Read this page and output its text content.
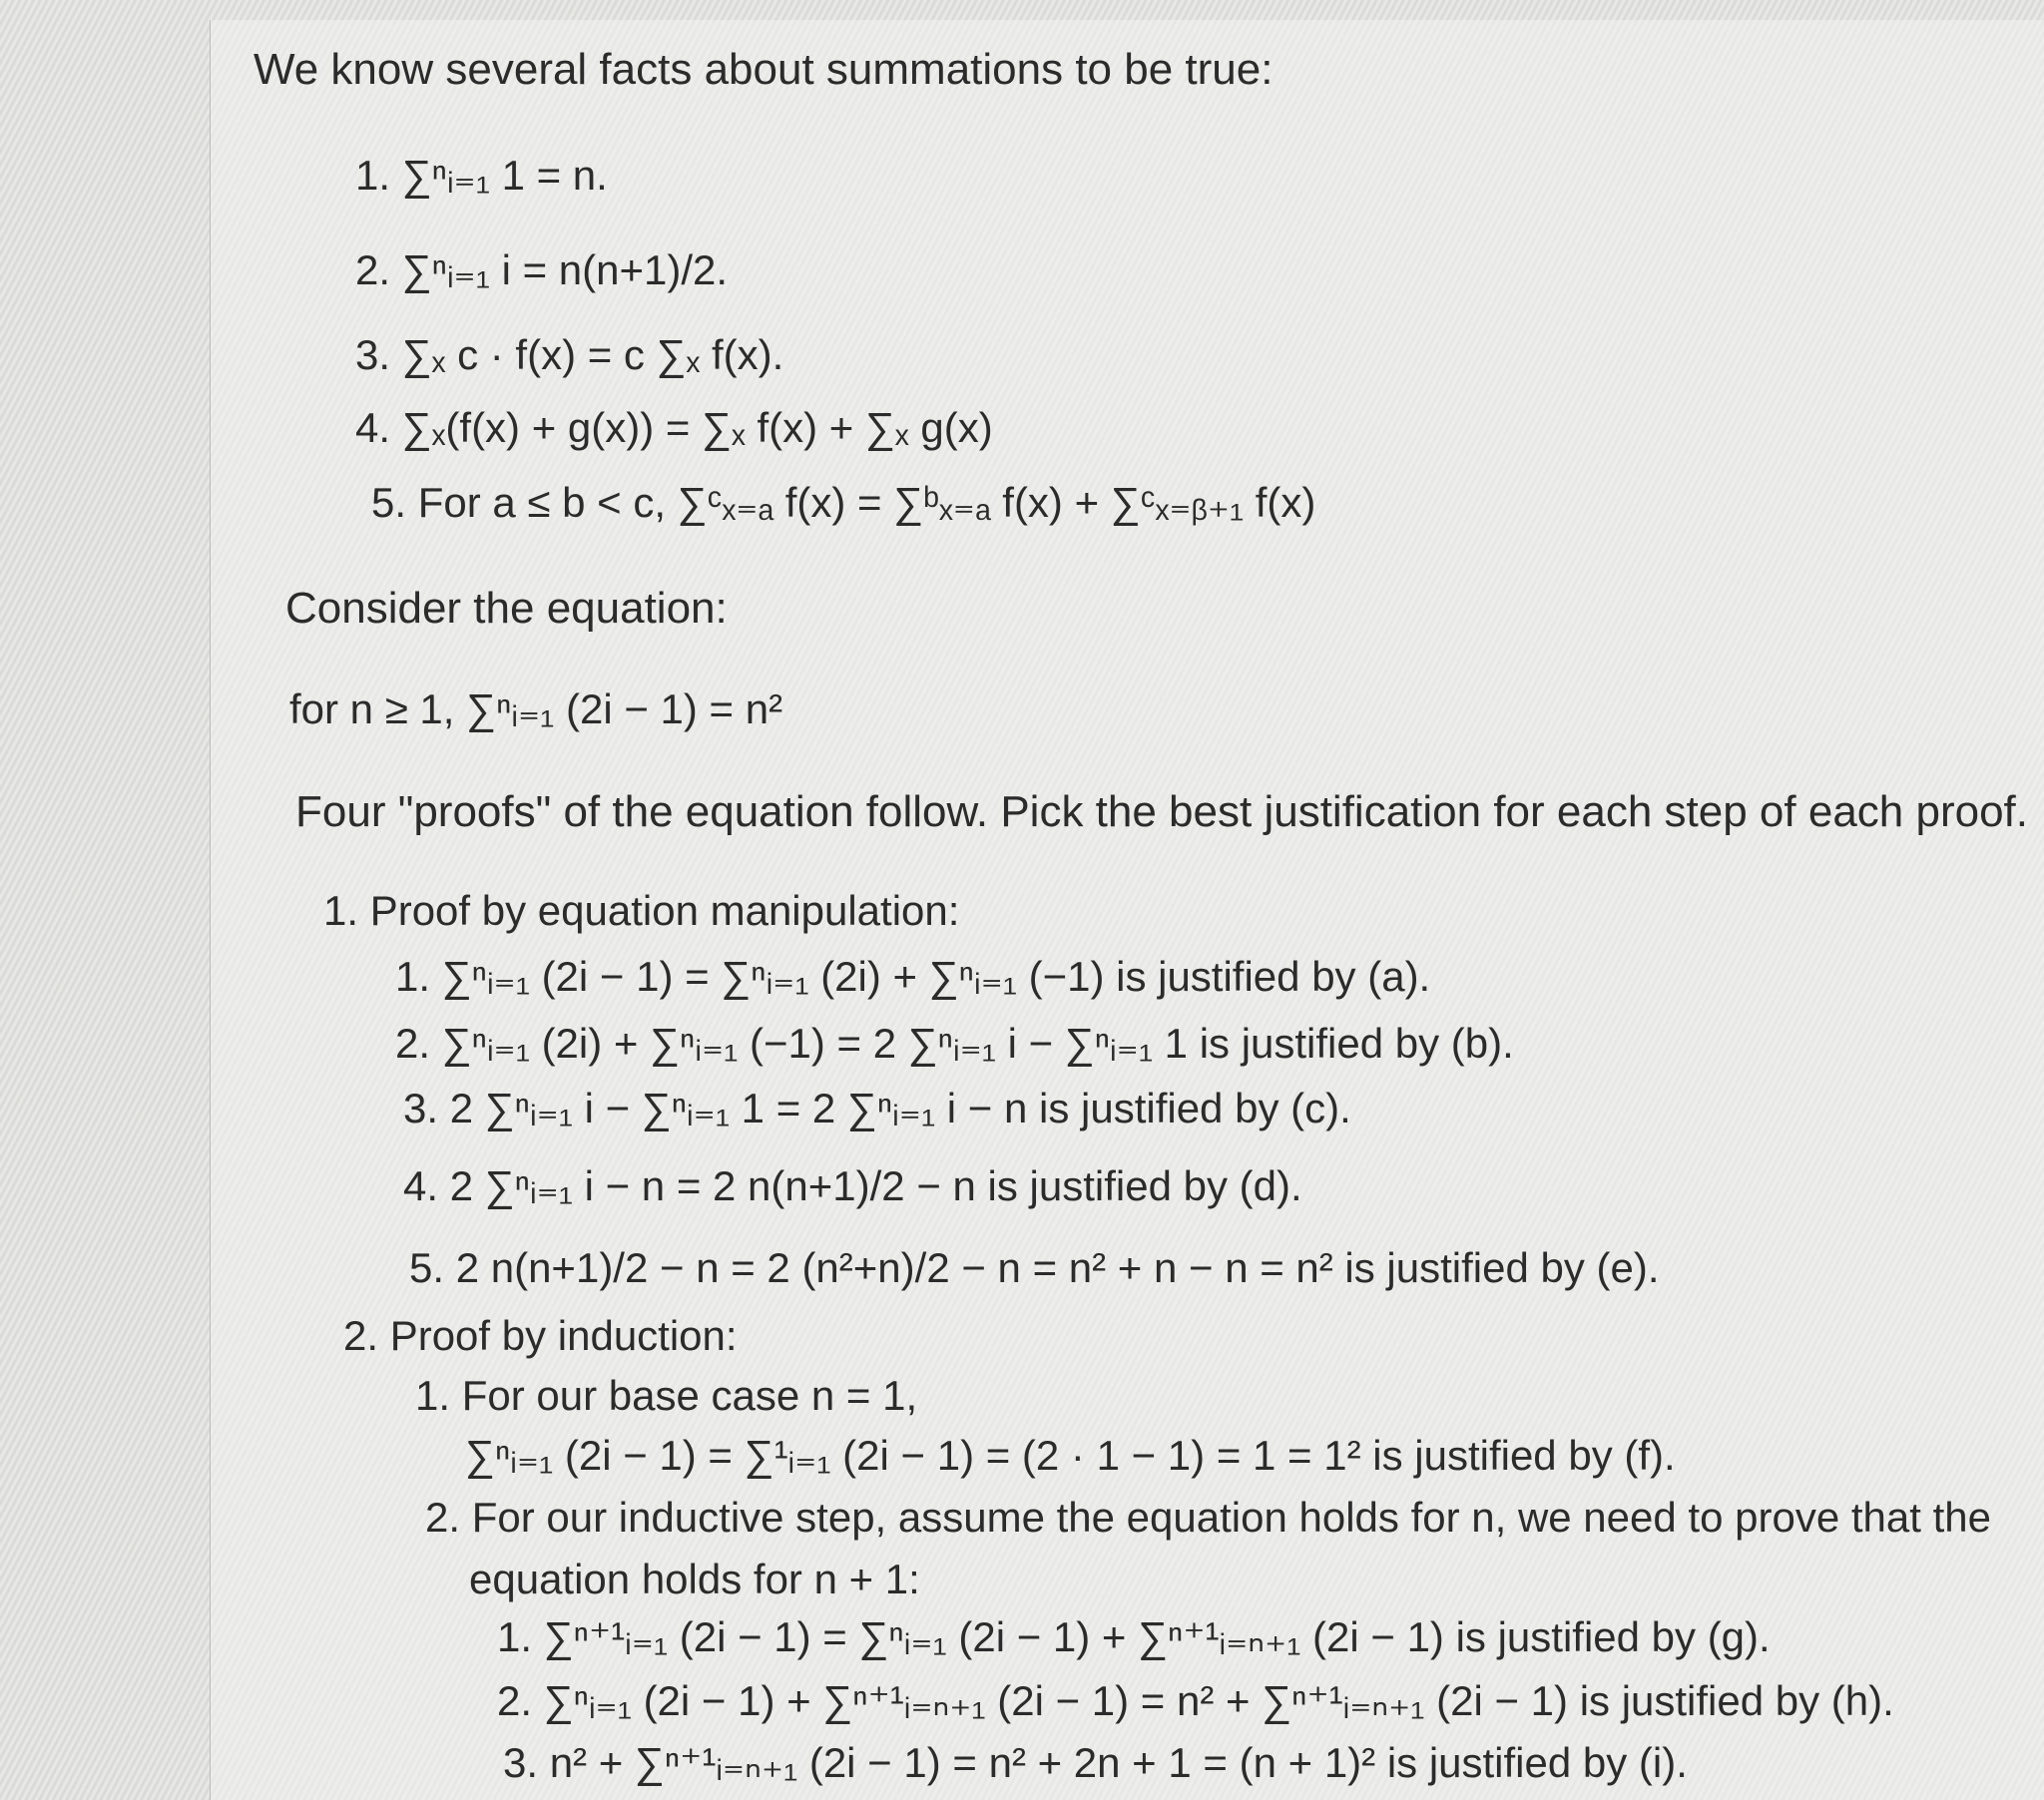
We know several facts about summations to be true:
1. ∑ⁿᵢ₌₁ 1 = n.
2. ∑ⁿᵢ₌₁ i = n(n+1)/2.
3. ∑ₓ c · f(x) = c ∑ₓ f(x).
4. ∑ₓ(f(x) + g(x)) = ∑ₓ f(x) + ∑ₓ g(x)
5. For a ≤ b < c, ∑ᶜₓ₌ₐ f(x) = ∑ᵇₓ₌ₐ f(x) + ∑ᶜₓ₌ᵦ₊₁ f(x)
Consider the equation:
for n ≥ 1, ∑ⁿᵢ₌₁ (2i − 1) = n²
Four "proofs" of the equation follow. Pick the best justification for each step of each proof.
1. Proof by equation manipulation:
1. ∑ⁿᵢ₌₁ (2i − 1) = ∑ⁿᵢ₌₁ (2i) + ∑ⁿᵢ₌₁ (−1) is justified by (a).
2. ∑ⁿᵢ₌₁ (2i) + ∑ⁿᵢ₌₁ (−1) = 2 ∑ⁿᵢ₌₁ i − ∑ⁿᵢ₌₁ 1 is justified by (b).
3. 2 ∑ⁿᵢ₌₁ i − ∑ⁿᵢ₌₁ 1 = 2 ∑ⁿᵢ₌₁ i − n is justified by (c).
4. 2 ∑ⁿᵢ₌₁ i − n = 2 n(n+1)/2 − n is justified by (d).
5. 2 n(n+1)/2 − n = 2 (n²+n)/2 − n = n² + n − n = n² is justified by (e).
2. Proof by induction:
1. For our base case n = 1,
∑ⁿᵢ₌₁ (2i − 1) = ∑¹ᵢ₌₁ (2i − 1) = (2 · 1 − 1) = 1 = 1² is justified by (f).
2. For our inductive step, assume the equation holds for n, we need to prove that the
equation holds for n + 1:
1. ∑ⁿ⁺¹ᵢ₌₁ (2i − 1) = ∑ⁿᵢ₌₁ (2i − 1) + ∑ⁿ⁺¹ᵢ₌ₙ₊₁ (2i − 1) is justified by (g).
2. ∑ⁿᵢ₌₁ (2i − 1) + ∑ⁿ⁺¹ᵢ₌ₙ₊₁ (2i − 1) = n² + ∑ⁿ⁺¹ᵢ₌ₙ₊₁ (2i − 1) is justified by (h).
3. n² + ∑ⁿ⁺¹ᵢ₌ₙ₊₁ (2i − 1) = n² + 2n + 1 = (n + 1)² is justified by (i).
